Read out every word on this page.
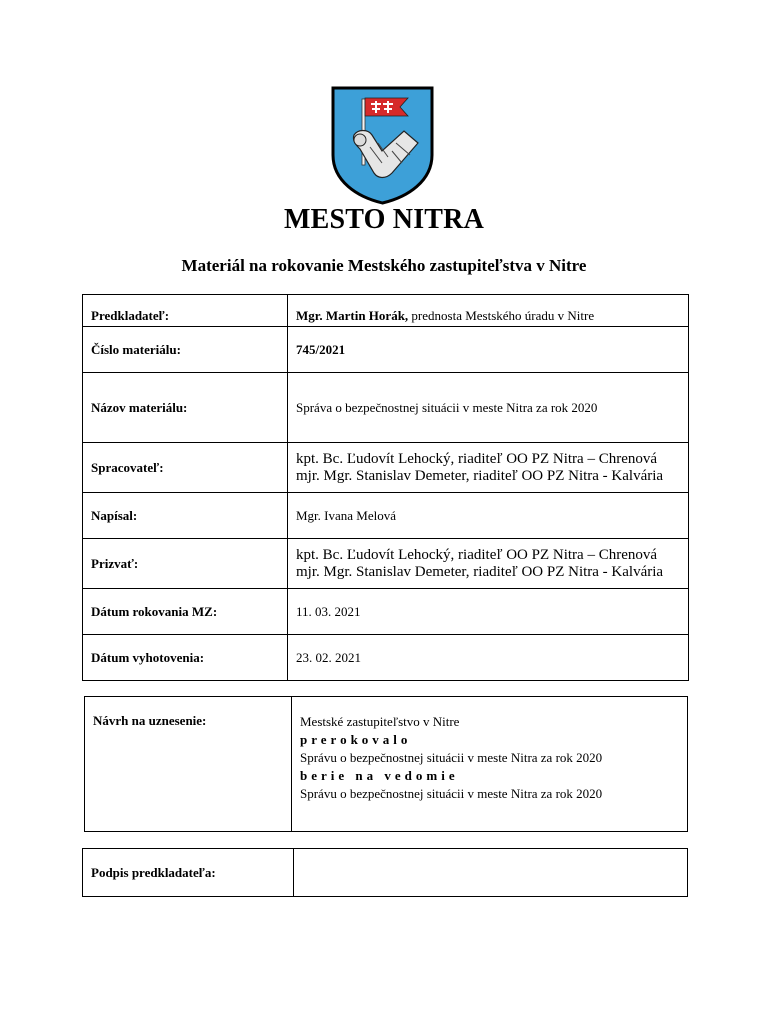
MESTO NITRA
Materiál na rokovanie Mestského zastupiteľstva v Nitre
Predkladateľ:	Mgr. Martin Horák, prednosta Mestského úradu v Nitre
Číslo materiálu:	745/2021
Názov materiálu:	Správa o bezpečnostnej situácii v meste Nitra za rok 2020
Spracovateľ:	kpt. Bc. Ľudovít Lehocký, riaditeľ OO PZ Nitra – Chrenová
mjr. Mgr. Stanislav Demeter, riaditeľ OO PZ Nitra - Kalvária

Napísal:	Mgr. Ivana Melová
Prizvať:	kpt. Bc. Ľudovít Lehocký, riaditeľ OO PZ Nitra – Chrenová
mjr. Mgr. Stanislav Demeter, riaditeľ OO PZ Nitra - Kalvária

Dátum rokovania MZ:	11. 03. 2021
Dátum vyhotovenia:	23. 02. 2021
Návrh na uznesenie:	Mestské zastupiteľstvo v Nitre
prerokovalo
Správu o bezpečnostnej situácii v meste Nitra za rok 2020
berie na vedomie
Správu o bezpečnostnej situácii v meste Nitra za rok 2020
Podpis predkladateľa:	
